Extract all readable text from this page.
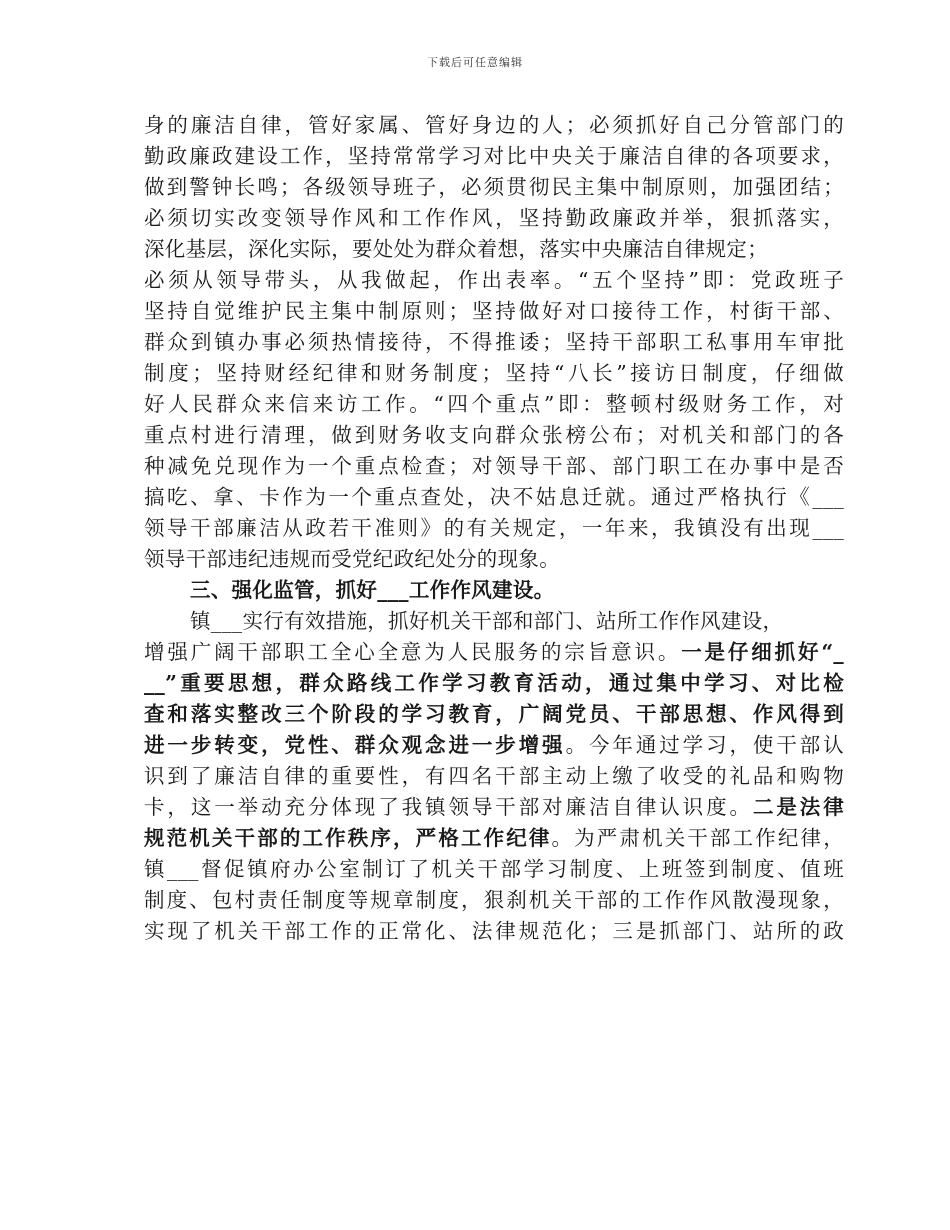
下载后可任意编辑
身的廉洁自律，管好家属、管好身边的人；必须抓好自己分管部门的
勤政廉政建设工作，坚持常常学习对比中央关于廉洁自律的各项要求，
做到警钟长鸣；各级领导班子，必须贯彻民主集中制原则，加强团结；
必须切实改变领导作风和工作作风，坚持勤政廉政并举，狠抓落实，
深化基层，深化实际，要处处为群众着想，落实中央廉洁自律规定；
必须从领导带头，从我做起，作出表率。“五个坚持”即：党政班子
坚持自觉维护民主集中制原则；坚持做好对口接待工作，村街干部、
群众到镇办事必须热情接待，不得推诿；坚持干部职工私事用车审批
制度；坚持财经纪律和财务制度；坚持“八长”接访日制度，仔细做
好人民群众来信来访工作。“四个重点”即：整顿村级财务工作，对
重点村进行清理，做到财务收支向群众张榜公布；对机关和部门的各
种减免兑现作为一个重点检查；对领导干部、部门职工在办事中是否
搞吃、拿、卡作为一个重点查处，决不姑息迁就。通过严格执行《___
领导干部廉洁从政若干准则》的有关规定，一年来，我镇没有出现___
领导干部违纪违规而受党纪政纪处分的现象。
三、强化监管，抓好___工作作风建设。
镇___实行有效措施，抓好机关干部和部门、站所工作作风建设，
增强广阔干部职工全心全意为人民服务的宗旨意识。一是仔细抓好“_
__”重要思想，群众路线工作学习教育活动，通过集中学习、对比检
查和落实整改三个阶段的学习教育，广阔党员、干部思想、作风得到
进一步转变，党性、群众观念进一步增强。今年通过学习，使干部认
识到了廉洁自律的重要性，有四名干部主动上缴了收受的礼品和购物
卡，这一举动充分体现了我镇领导干部对廉洁自律认识度。二是法律
规范机关干部的工作秩序，严格工作纪律。为严肃机关干部工作纪律，
镇___督促镇府办公室制订了机关干部学习制度、上班签到制度、值班
制度、包村责任制度等规章制度，狠刹机关干部的工作作风散漫现象，
实现了机关干部工作的正常化、法律规范化；三是抓部门、站所的政
